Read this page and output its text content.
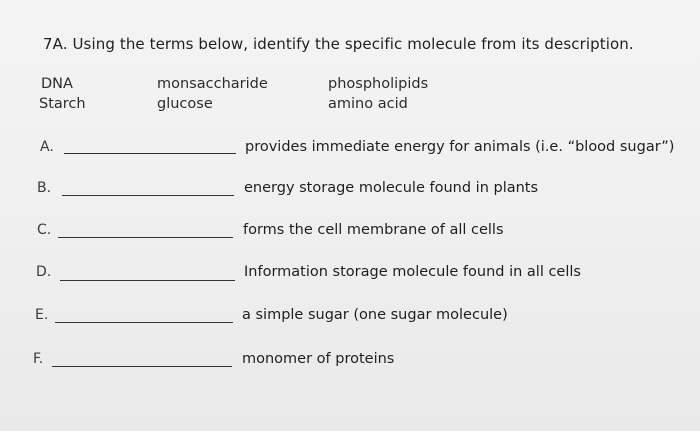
7A. Using the terms below, identify the specific molecule from its description.
DNA	monsaccharide	phospholipids
Starch	glucose	amino acid
A.	provides immediate energy for animals (i.e. “blood sugar”)
B.	energy storage molecule found in plants
C.	forms the cell membrane of all cells
D.	Information storage molecule found in all cells
E.	a simple sugar (one sugar molecule)
F.	monomer of proteins
